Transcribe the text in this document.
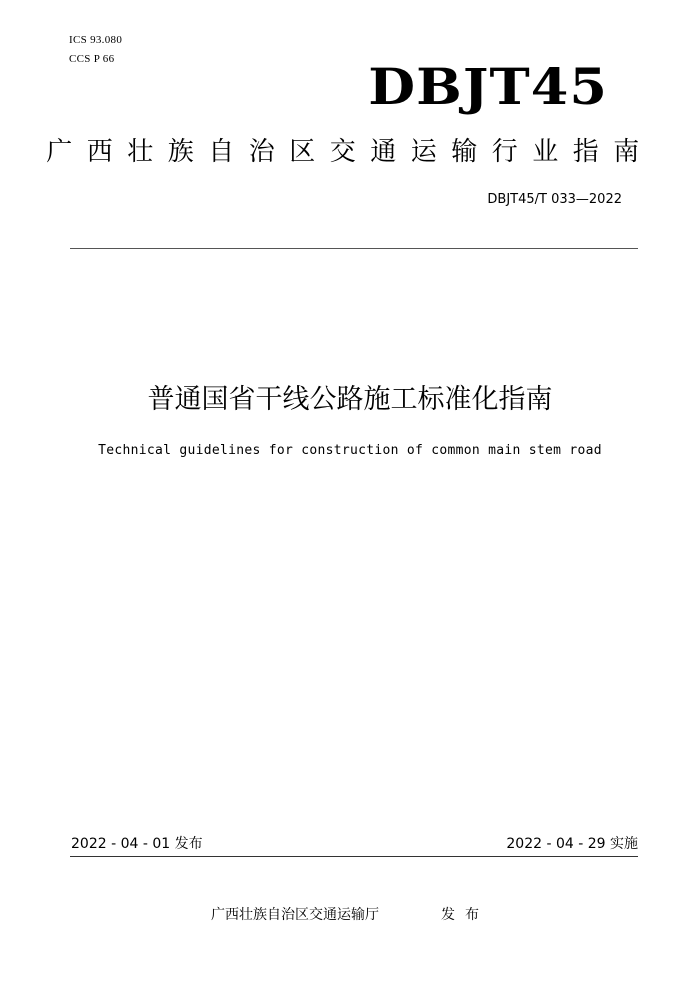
ICS 93.080
CCS P 66	DBJT45
广西壮族自治区交通运输行业指南
DBJT45/T 033—2022
普通国省干线公路施工标准化指南
Technical guidelines for construction of common main stem road
2022 - 04 - 01 发布	2022 - 04 - 29 实施
广西壮族自治区交通运输厅	发布
